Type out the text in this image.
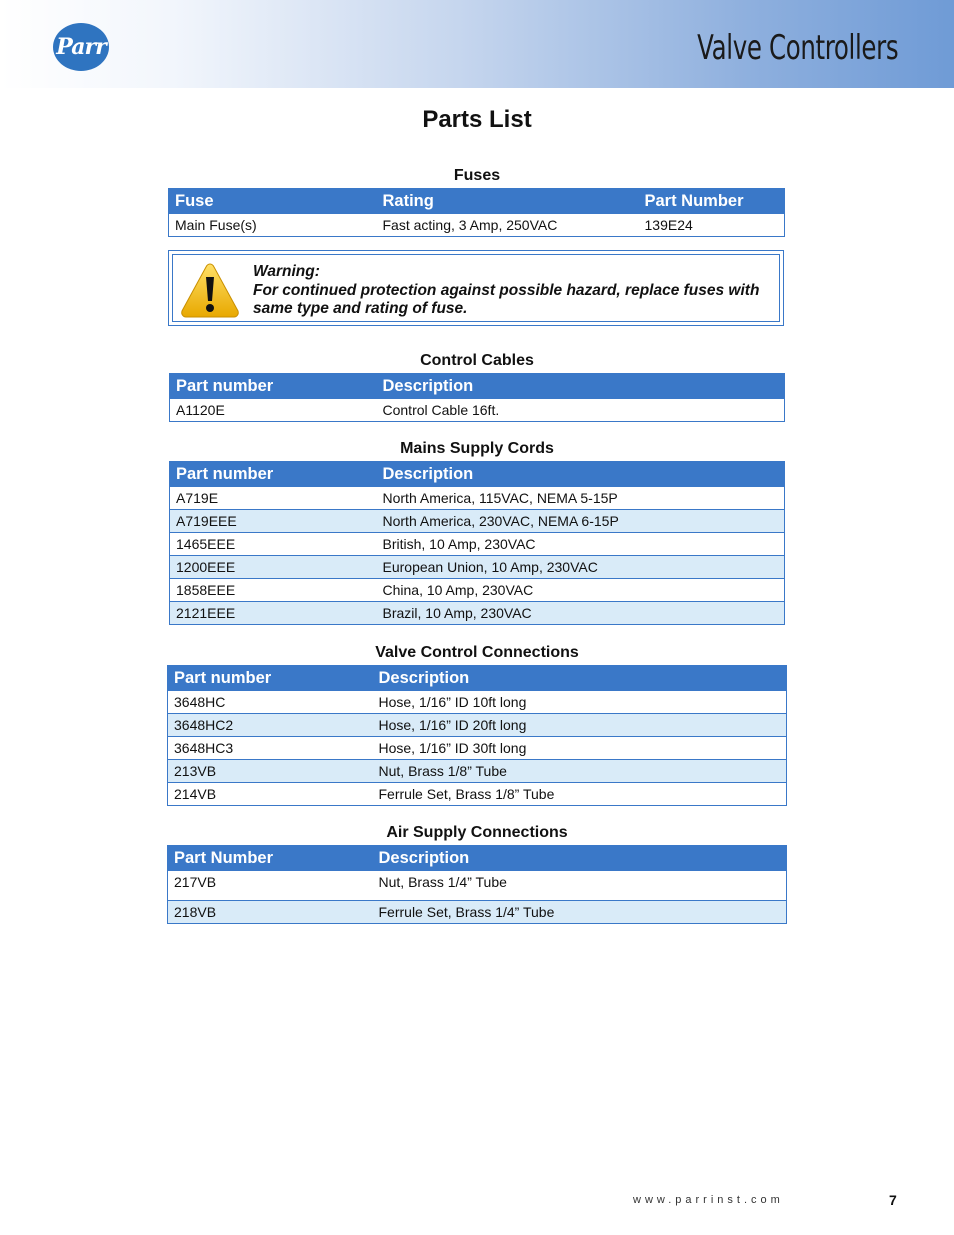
Parr	Valve Controllers
Parts List
Fuses
Fuse	Rating	Part Number
Main Fuse(s)	Fast acting, 3 Amp, 250VAC	139E24
Warning:
For continued protection against possible hazard, replace fuses with same type and rating of fuse.
Control Cables
Part number	Description
A1120E	Control Cable 16ft.
Mains Supply Cords
Part number	Description
A719E	North America, 115VAC, NEMA 5-15P
A719EEE	North America, 230VAC, NEMA 6-15P
1465EEE	British, 10 Amp, 230VAC
1200EEE	European Union, 10 Amp, 230VAC
1858EEE	China, 10 Amp, 230VAC
2121EEE	Brazil, 10 Amp, 230VAC
Valve Control Connections
Part number	Description
3648HC	Hose, 1/16” ID 10ft long
3648HC2	Hose, 1/16” ID 20ft long
3648HC3	Hose, 1/16” ID 30ft long
213VB	Nut, Brass 1/8” Tube
214VB	Ferrule Set, Brass 1/8” Tube
Air Supply Connections
Part Number	Description
217VB	Nut, Brass 1/4” Tube
218VB	Ferrule Set, Brass 1/4” Tube
www.parrinst.com	7
